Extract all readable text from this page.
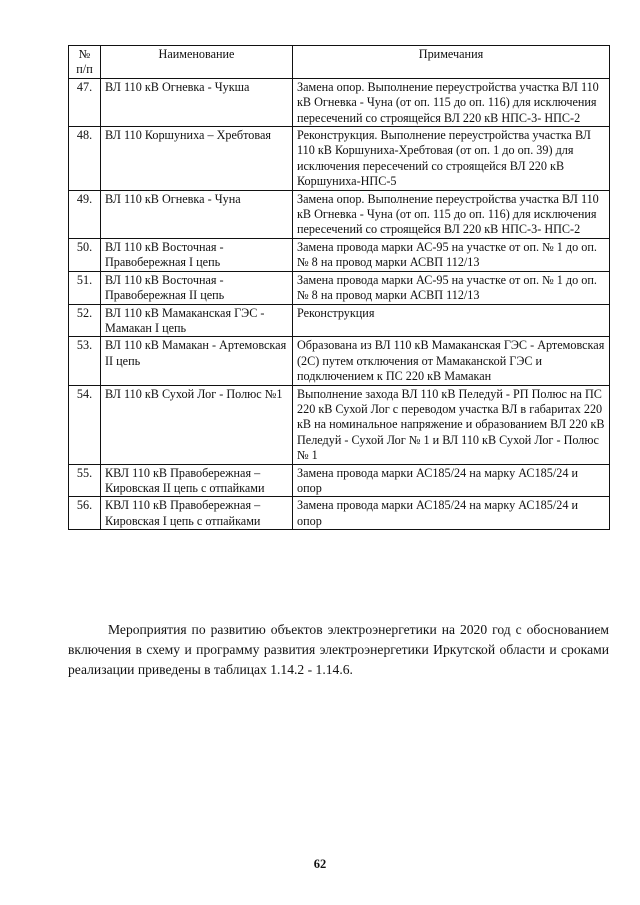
№ п/п	Наименование	Примечания
47.	ВЛ 110 кВ Огневка - Чукша	Замена опор. Выполнение переустройства участка ВЛ 110 кВ Огневка - Чуна (от оп. 115 до оп. 116) для исключения пересечений со строящейся ВЛ 220 кВ НПС-3- НПС-2
48.	ВЛ 110 Коршуниха – Хребтовая	Реконструкция. Выполнение переустройства участка ВЛ 110 кВ Коршуниха-Хребтовая (от оп. 1 до оп. 39) для исключения пересечений со строящейся ВЛ 220 кВ Коршуниха-НПС-5
49.	ВЛ 110 кВ Огневка - Чуна	Замена опор. Выполнение переустройства участка ВЛ 110 кВ Огневка - Чуна (от оп. 115 до оп. 116) для исключения пересечений со строящейся ВЛ 220 кВ НПС-3- НПС-2
50.	ВЛ 110 кВ Восточная - Правобережная I цепь	Замена провода марки АС-95 на участке от оп. № 1 до оп. № 8 на провод марки АСВП 112/13
51.	ВЛ 110 кВ Восточная - Правобережная II цепь	Замена провода марки АС-95 на участке от оп. № 1 до оп. № 8 на провод марки АСВП 112/13
52.	ВЛ 110 кВ Мамаканская ГЭС - Мамакан I цепь	Реконструкция
53.	ВЛ 110 кВ Мамакан - Артемовская II цепь	Образована из ВЛ 110 кВ Мамаканская ГЭС - Артемовская (2С) путем отключения от Мамаканской ГЭС и подключением к ПС 220 кВ Мамакан
54.	ВЛ 110 кВ Сухой Лог - Полюс №1	Выполнение захода ВЛ 110 кВ Пеледуй - РП Полюс на ПС 220 кВ Сухой Лог с переводом участка ВЛ в габаритах 220 кВ на номинальное напряжение и образованием ВЛ 220 кВ Пеледуй - Сухой Лог № 1 и ВЛ 110 кВ Сухой Лог - Полюс № 1
55.	КВЛ 110 кВ Правобережная – Кировская II цепь с отпайками	Замена провода марки АС185/24 на марку АС185/24 и опор
56.	КВЛ 110 кВ Правобережная – Кировская I цепь с отпайками	Замена провода марки АС185/24 на марку АС185/24 и опор

Мероприятия по развитию объектов электроэнергетики на 2020 год с обоснованием включения в схему и программу развития электроэнергетики Иркутской области и сроками реализации приведены в таблицах 1.14.2 - 1.14.6.

62
